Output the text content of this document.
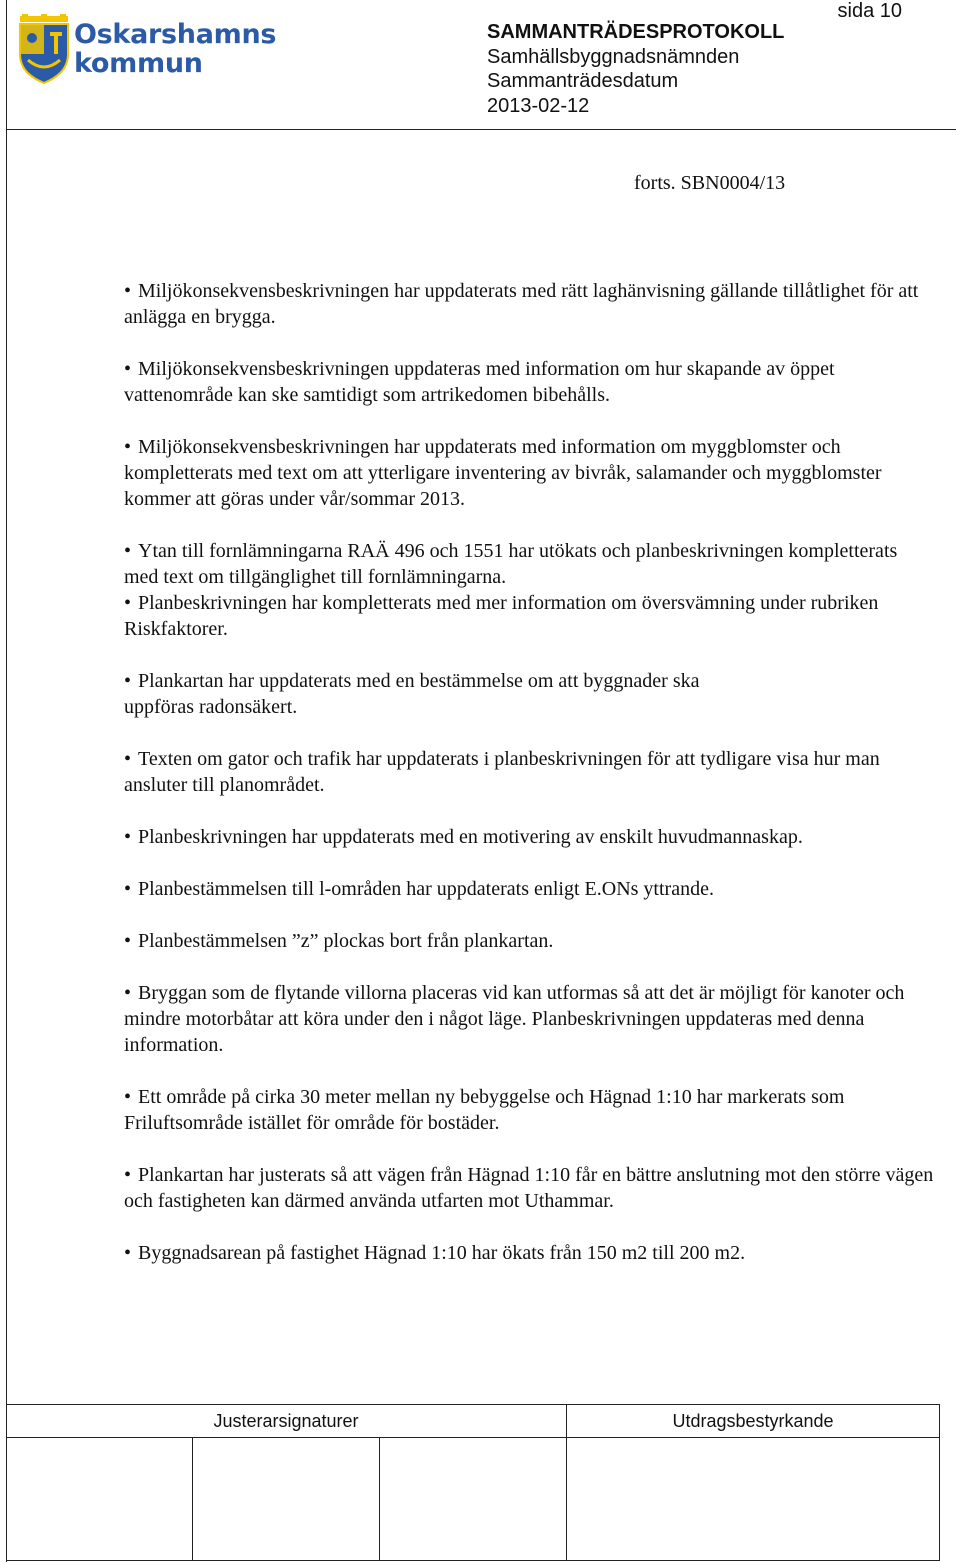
Oskarshamns
kommun
sida 10
SAMMANTRÄDESPROTOKOLL
Samhällsbyggnadsnämnden
Sammanträdesdatum
2013-02-12
forts. SBN0004/13

• Miljökonsekvensbeskrivningen har uppdaterats med rätt laghänvisning gällande tillåtlighet för att anlägga en brygga.

• Miljökonsekvensbeskrivningen uppdateras med information om hur skapande av öppet vattenområde kan ske samtidigt som artrikedomen bibehålls.

• Miljökonsekvensbeskrivningen har uppdaterats med information om myggblomster och kompletterats med text om att ytterligare inventering av bivråk, salamander och myggblomster kommer att göras under vår/sommar 2013.

• Ytan till fornlämningarna RAÄ 496 och 1551 har utökats och planbeskrivningen kompletterats med text om tillgänglighet till fornlämningarna.

• Planbeskrivningen har kompletterats med mer information om översvämning under rubriken Riskfaktorer.

• Plankartan har uppdaterats med en bestämmelse om att byggnader ska uppföras radonsäkert.

• Texten om gator och trafik har uppdaterats i planbeskrivningen för att tydligare visa hur man ansluter till planområdet.

• Planbeskrivningen har uppdaterats med en motivering av enskilt huvudmannaskap.

• Planbestämmelsen till l-områden har uppdaterats enligt E.ONs yttrande.

• Planbestämmelsen ”z” plockas bort från plankartan.

• Bryggan som de flytande villorna placeras vid kan utformas så att det är möjligt för kanoter och mindre motorbåtar att köra under den i något läge. Planbeskrivningen uppdateras med denna information.

• Ett område på cirka 30 meter mellan ny bebyggelse och Hägnad 1:10 har markerats som Friluftsområde istället för område för bostäder.

• Plankartan har justerats så att vägen från Hägnad 1:10 får en bättre anslutning mot den större vägen och fastigheten kan därmed använda utfarten mot Uthammar.

• Byggnadsarean på fastighet Hägnad 1:10 har ökats från 150 m2 till 200 m2.

Justerarsignaturer			Utdragsbestyrkande
